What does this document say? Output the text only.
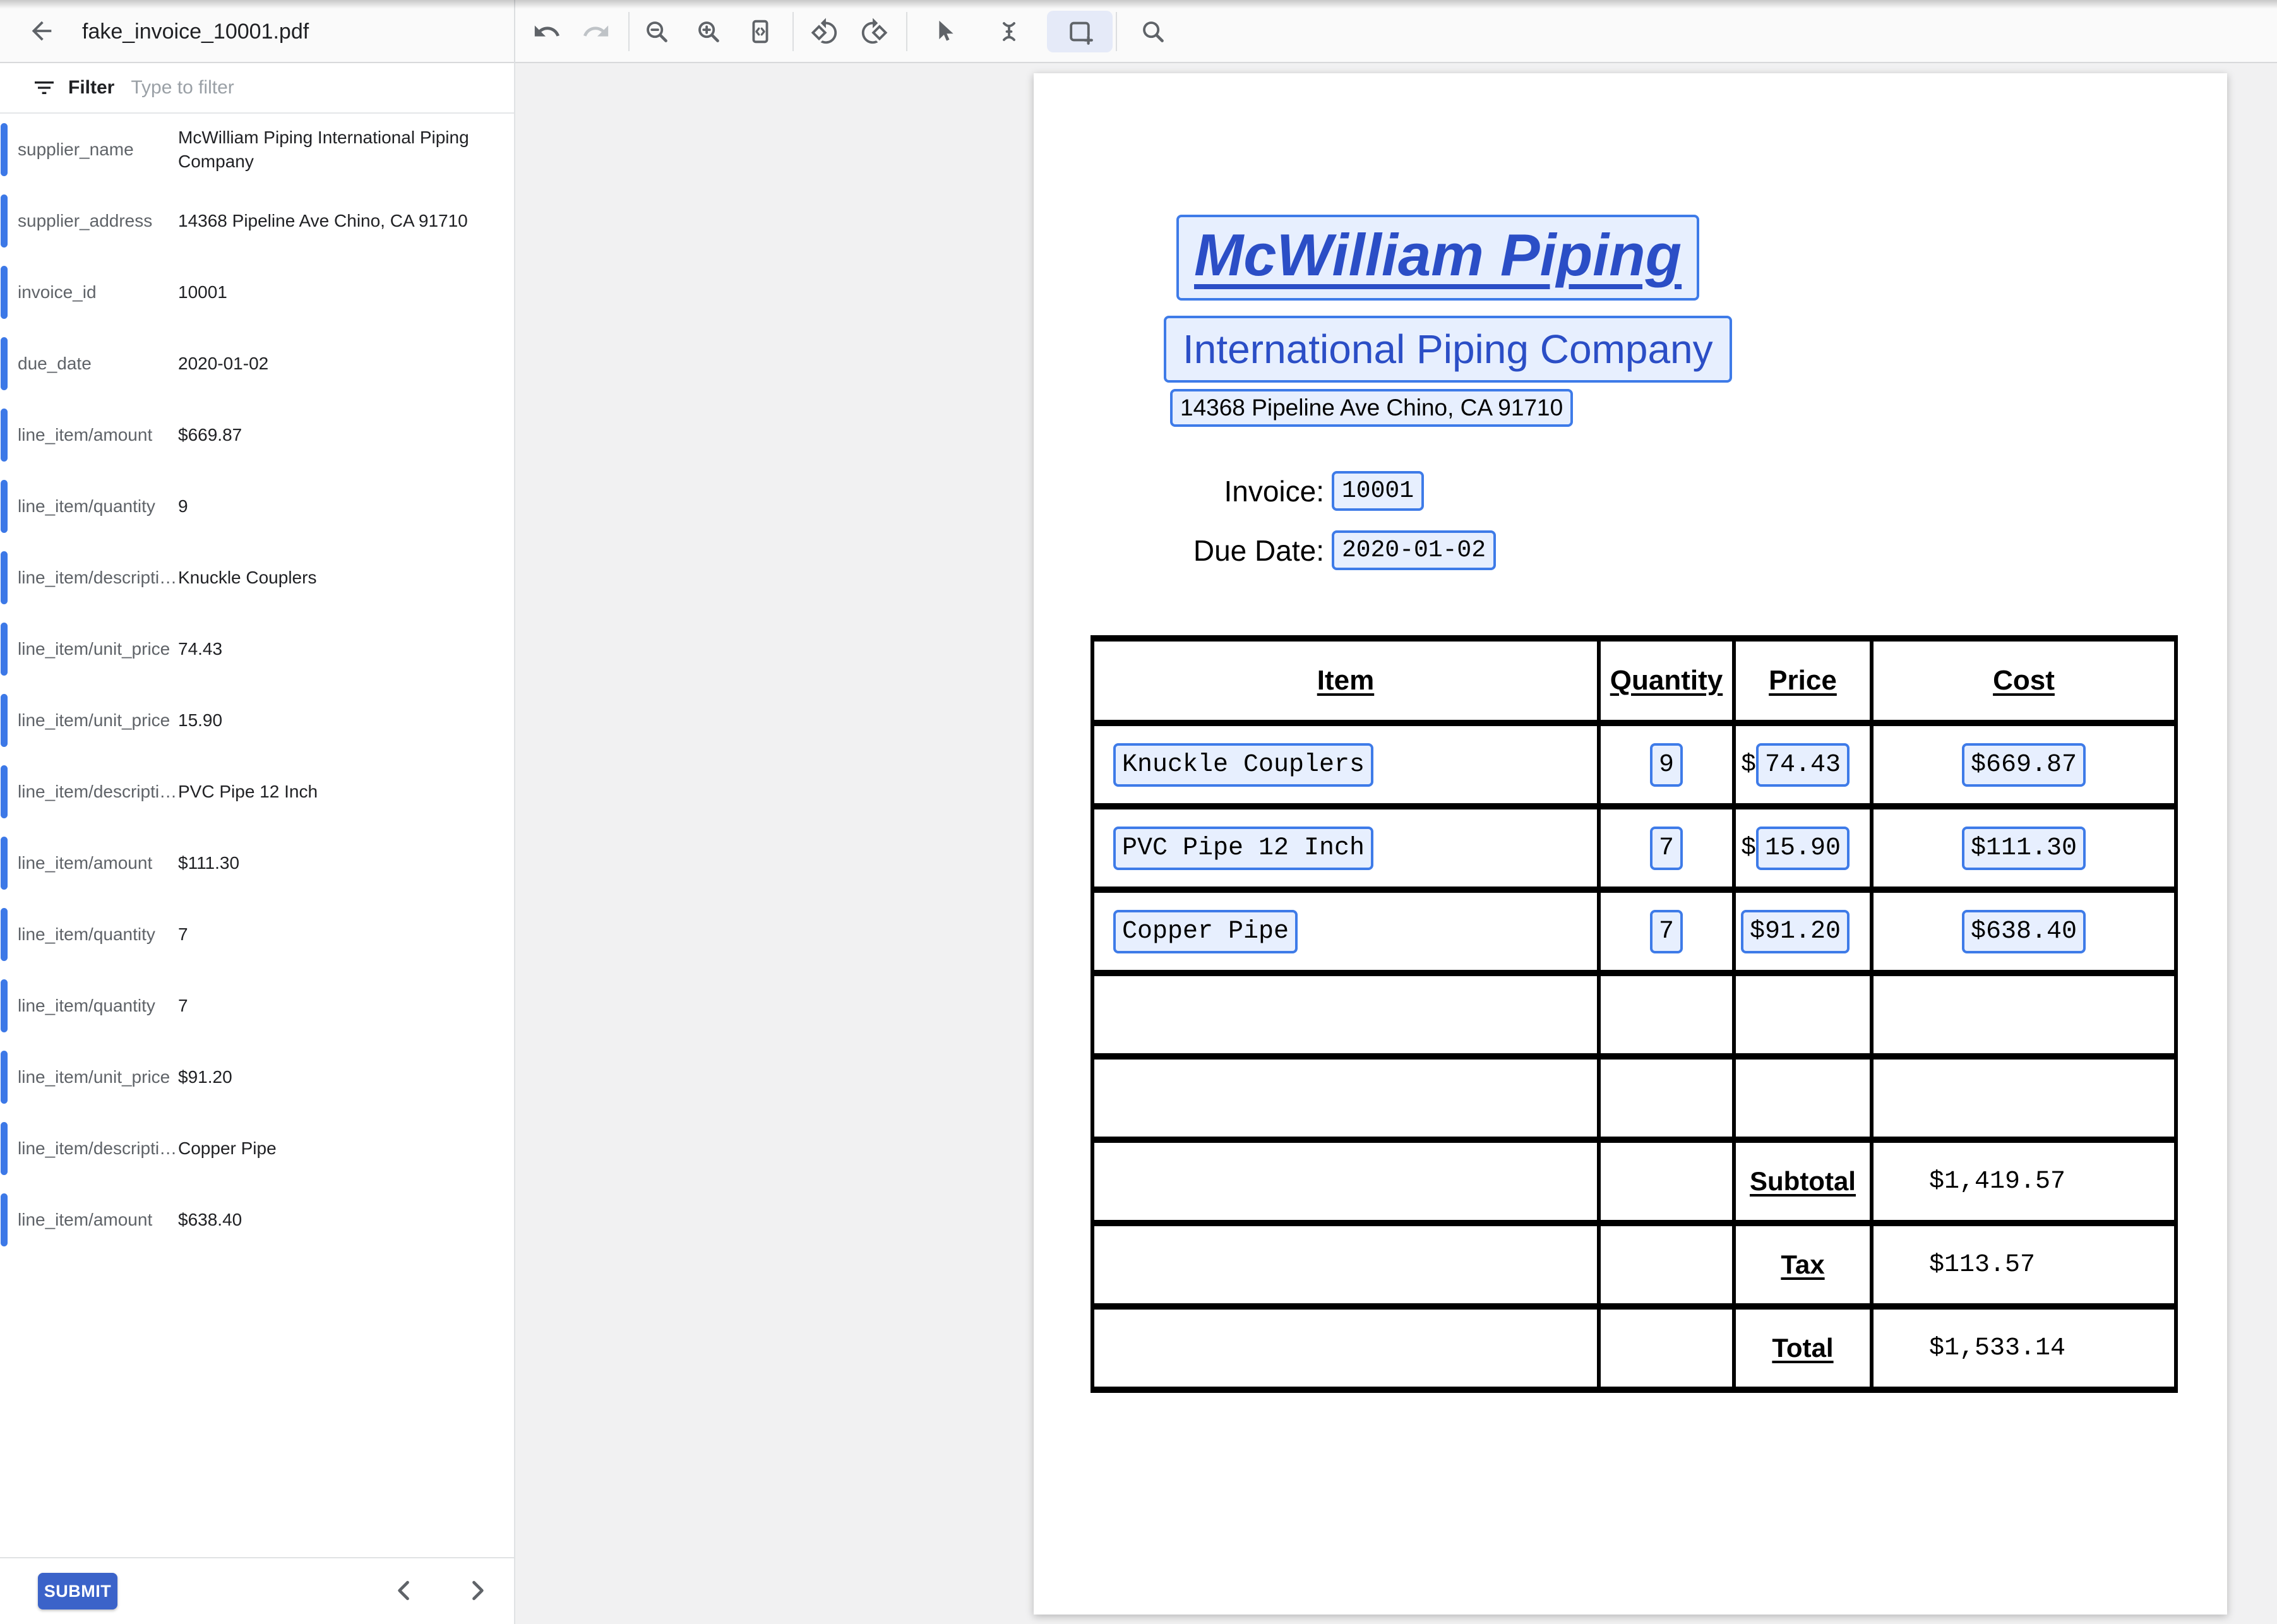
fake_invoice_10001.pdf
Filter
Type to filter
supplier_name
McWilliam Piping International Piping Company
supplier_address	14368 Pipeline Ave Chino, CA 91710
invoice_id	10001
due_date	2020-01-02
line_item/amount	$669.87
line_item/quantity	9
line_item/descripti… Knuckle Couplers
line_item/unit_price 74.43
line_item/unit_price 15.90
line_item/descripti… PVC Pipe 12 Inch
line_item/amount	$111.30
line_item/quantity	7
line_item/quantity	7
line_item/unit_price $91.20
line_item/descripti… Copper Pipe
line_item/amount	$638.40
SUBMIT
McWilliam Piping
International Piping Company
14368 Pipeline Ave Chino, CA 91710
Invoice: 10001
Due Date: 2020-01-02
Item	Quantity	Price	Cost
Knuckle Couplers	9	$ 74.43	$669.87
PVC Pipe 12 Inch	7	$ 15.90	$111.30
Copper Pipe	7	$91.20	$638.40

		Subtotal	$1,419.57
		Tax	$113.57
		Total	$1,533.14
